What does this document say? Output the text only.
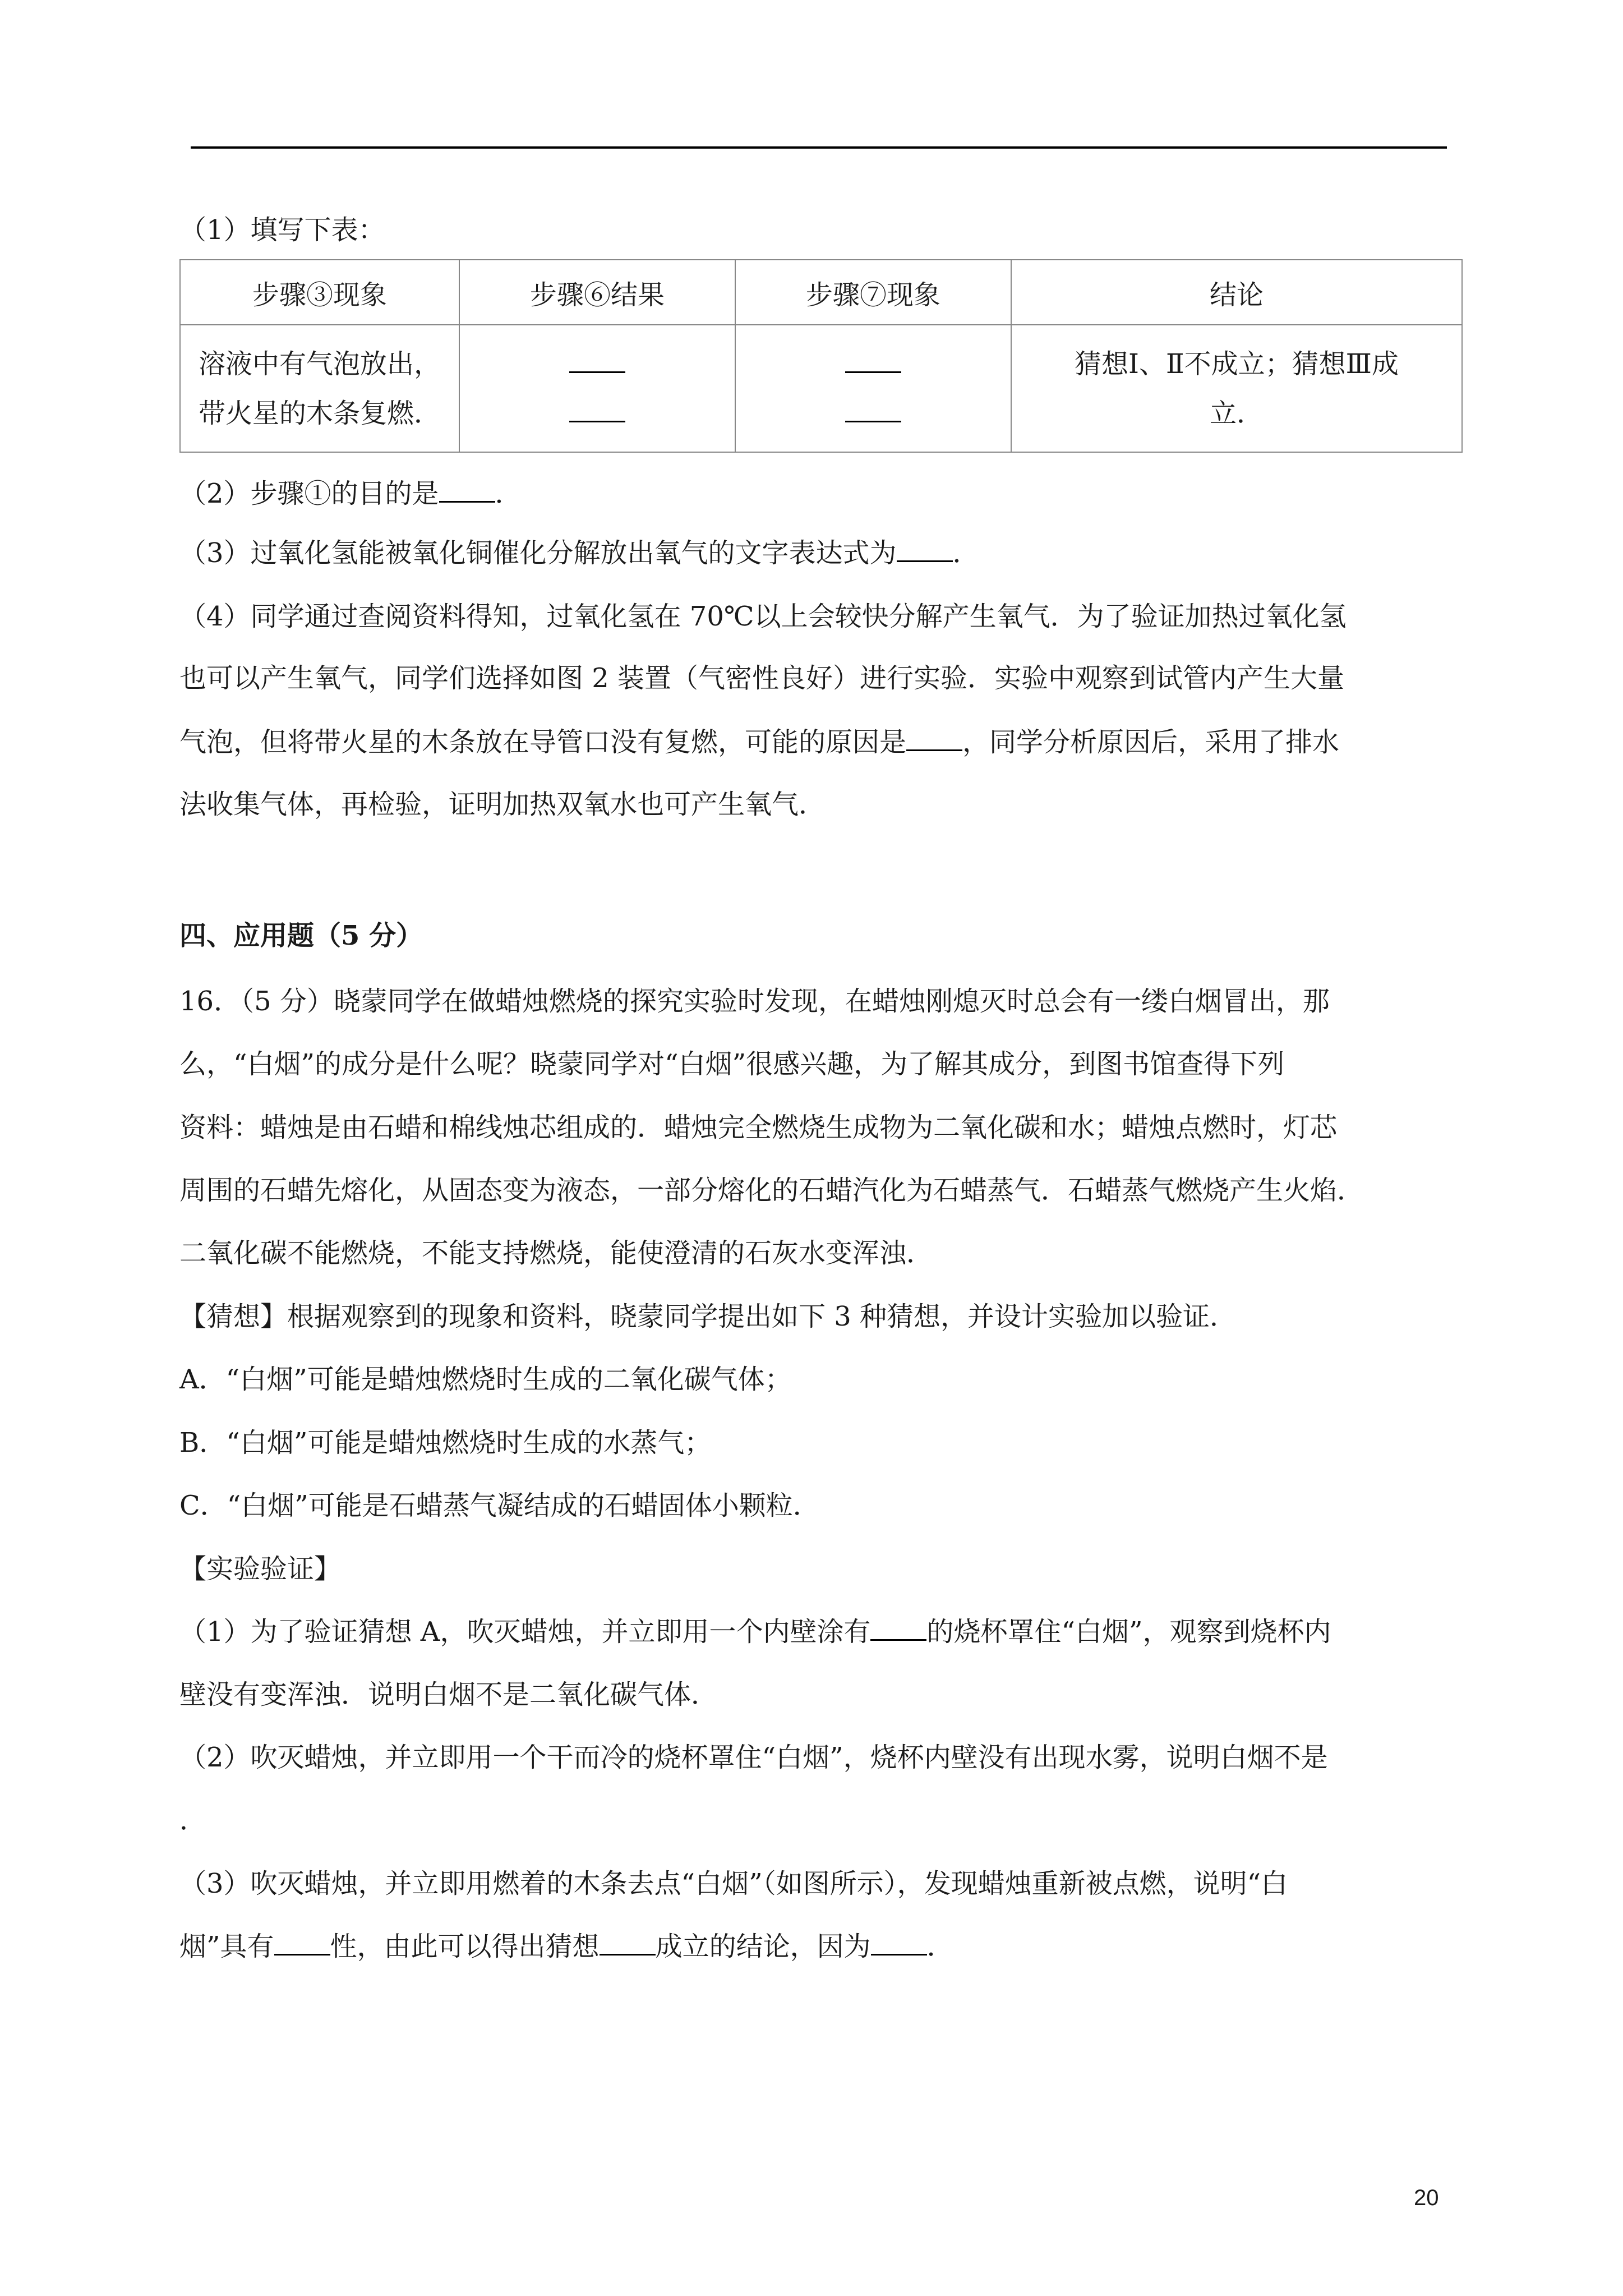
（1）填写下表：
步骤③现象	步骤⑥结果	步骤⑦现象	结论

溶液中有气泡放出，
带火星的木条复燃．			猜想Ⅰ、Ⅱ不成立；猜想Ⅲ成
立．
（2）步骤①的目的是 ．
（3）过氧化氢能被氧化铜催化分解放出氧气的文字表达式为 ．
（4）同学通过查阅资料得知，过氧化氢在 70℃以上会较快分解产生氧气．为了验证加热过氧化氢
也可以产生氧气，同学们选择如图 2 装置（气密性良好）进行实验．实验中观察到试管内产生大量
气泡，但将带火星的木条放在导管口没有复燃，可能的原因是 ，同学分析原因后，采用了排水
法收集气体，再检验，证明加热双氧水也可产生氧气．
四、应用题（5 分）
16．（5 分）晓蒙同学在做蜡烛燃烧的探究实验时发现，在蜡烛刚熄灭时总会有一缕白烟冒出，那
么，“白烟”的成分是什么呢？晓蒙同学对“白烟”很感兴趣，为了解其成分，到图书馆查得下列
资料：蜡烛是由石蜡和棉线烛芯组成的．蜡烛完全燃烧生成物为二氧化碳和水；蜡烛点燃时，灯芯
周围的石蜡先熔化，从固态变为液态，一部分熔化的石蜡汽化为石蜡蒸气．石蜡蒸气燃烧产生火焰．
二氧化碳不能燃烧，不能支持燃烧，能使澄清的石灰水变浑浊．
【猜想】根据观察到的现象和资料，晓蒙同学提出如下 3 种猜想，并设计实验加以验证．
A．“白烟”可能是蜡烛燃烧时生成的二氧化碳气体；
B．“白烟”可能是蜡烛燃烧时生成的水蒸气；
C．“白烟”可能是石蜡蒸气凝结成的石蜡固体小颗粒．
【实验验证】
（1）为了验证猜想 A，吹灭蜡烛，并立即用一个内壁涂有 的烧杯罩住“白烟”，观察到烧杯内
壁没有变浑浊．说明白烟不是二氧化碳气体．
（2）吹灭蜡烛，并立即用一个干而冷的烧杯罩住“白烟”，烧杯内壁没有出现水雾，说明白烟不是
．
（3）吹灭蜡烛，并立即用燃着的木条去点“白烟”（如图所示），发现蜡烛重新被点燃，说明“白
烟”具有 性，由此可以得出猜想 成立的结论，因为 ．
20
